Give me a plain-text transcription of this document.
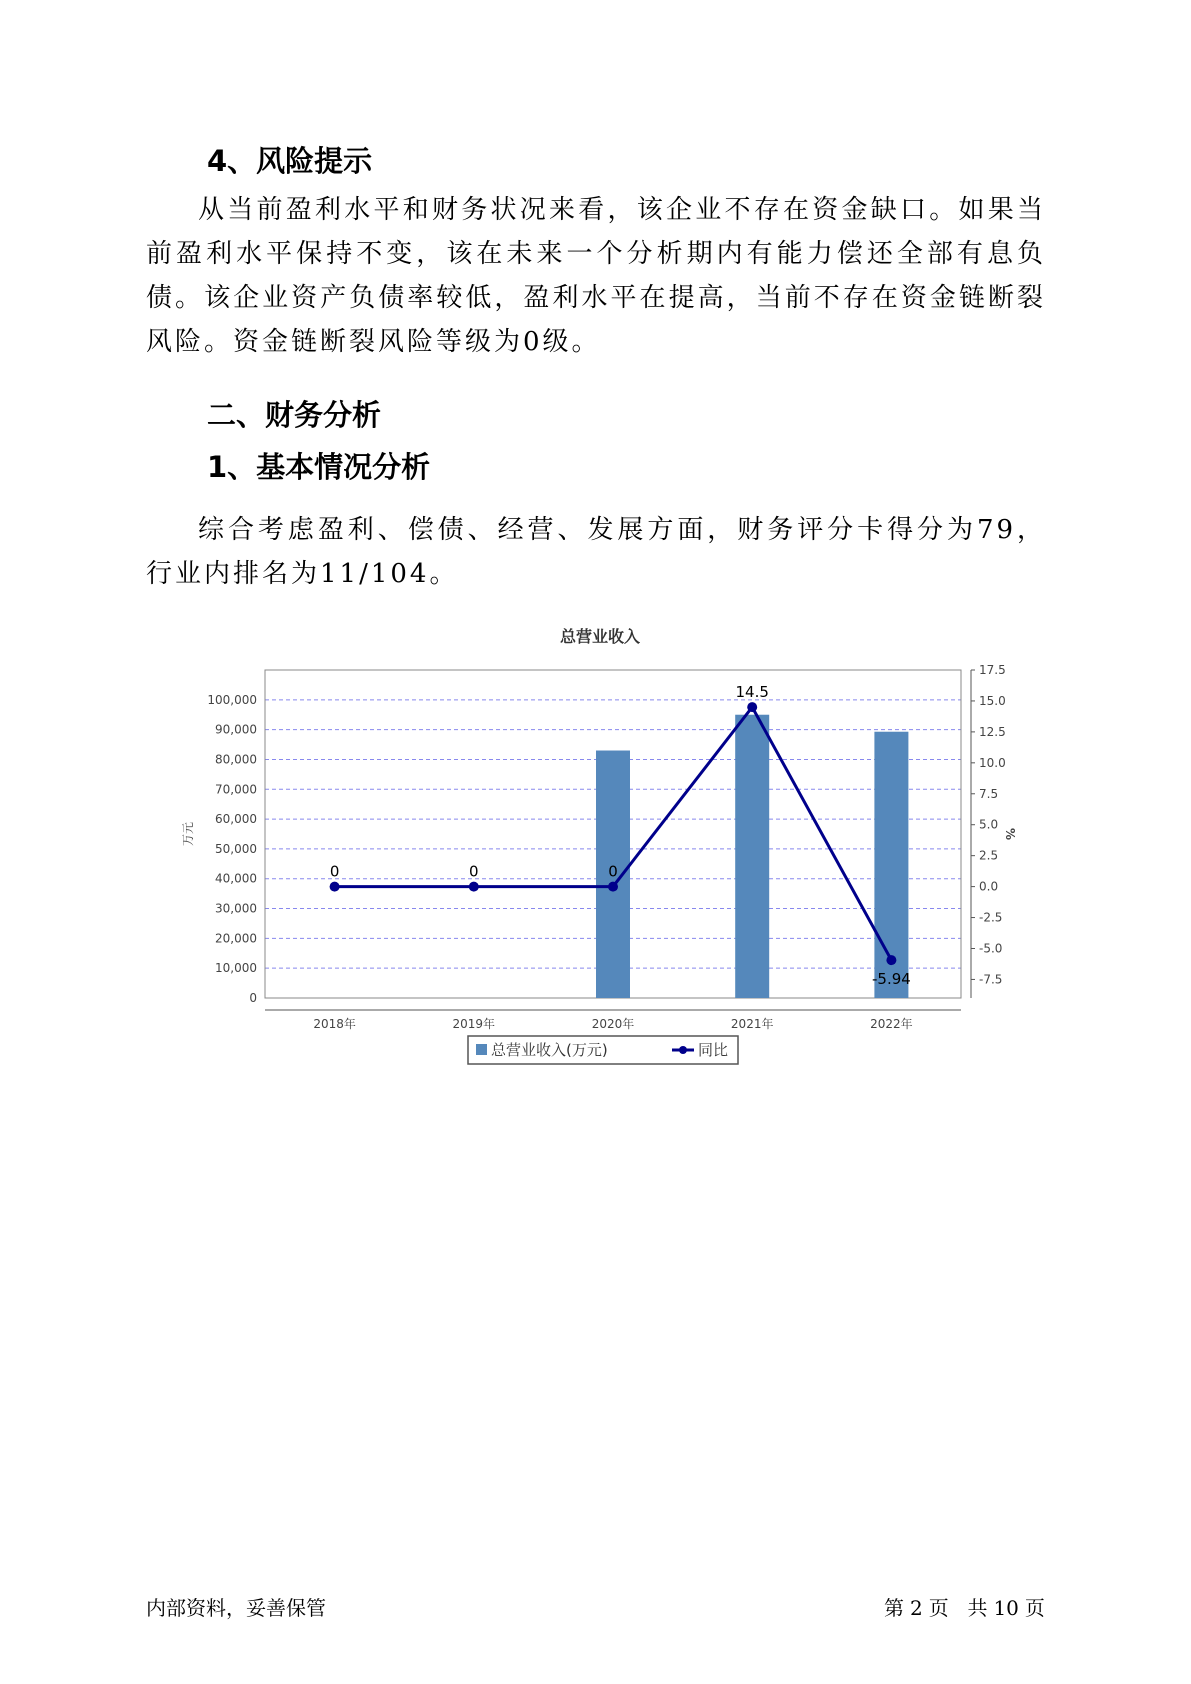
4、风险提示

从当前盈利水平和财务状况来看，该企业不存在资金缺口。如果当前盈利水平保持不变，该在未来一个分析期内有能力偿还全部有息负债。该企业资产负债率较低，盈利水平在提高，当前不存在资金链断裂风险。资金链断裂风险等级为0级。

二、财务分析
1、基本情况分析

综合考虑盈利、偿债、经营、发展方面，财务评分卡得分为79，行业内排名为11/104。

总营业收入
0	0	0
14.5
-5.94
0
10,000
20,000
30,000
40,000
50,000
60,000
70,000
80,000
90,000
100,000
-7.5
-5.0
-2.5
0.0
2.5
5.0
7.5
10.0
12.5
15.0
17.5
2018年	2019年	2020年	2021年	2022年
万元	%
总营业收入(万元)	同比
内部资料，妥善保管	第 2 页 共 10 页
